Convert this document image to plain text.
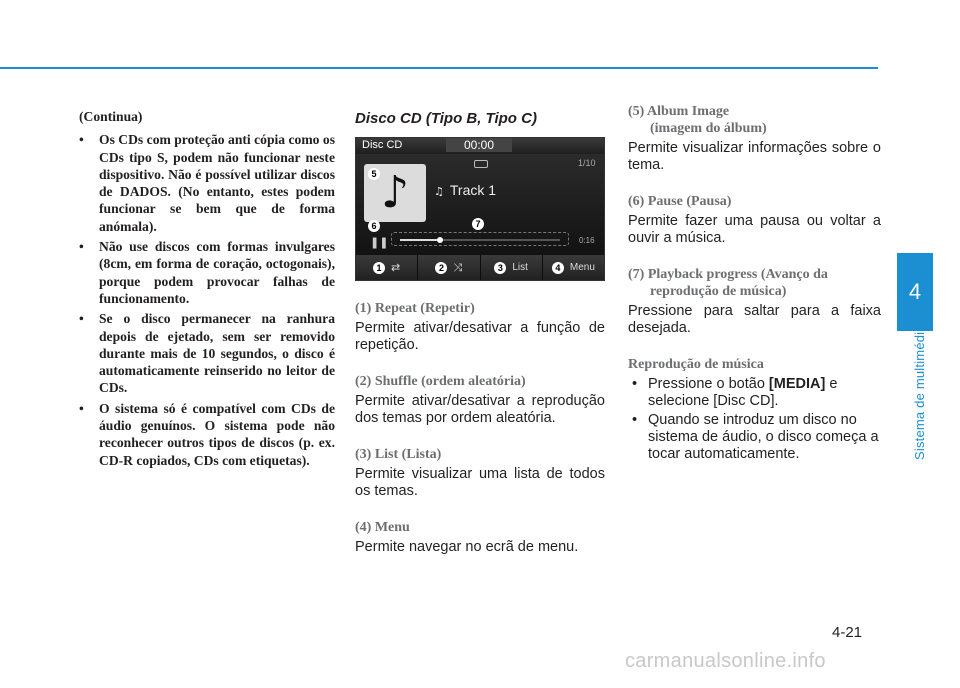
4
Sistema de multimédia
(Continua)
• Os CDs com proteção anti cópia como os CDs tipo S, podem não funcionar neste dispositivo. Não é possível utilizar discos de DADOS. (No entanto, estes podem funcionar se bem que de forma anómala).
• Não use discos com formas invulgares (8cm, em forma de coração, octogonais), porque podem provocar falhas de funcionamento.
• Se o disco permanecer na ranhura depois de ejetado, sem ser removido durante mais de 10 segundos, o disco é automaticamente reinserido no leitor de CDs.
• O sistema só é compatível com CDs de áudio genuínos. O sistema pode não reconhecer outros tipos de discos (p. ex. CD-R copiados, CDs com etiquetas).
Disco CD (Tipo B, Tipo C)
Disc CD	00:00
♪
5
1/10
♫ Track 1
6	7
❚❚	0:16
1 ⇄	2 ⤨	3 List	4 Menu
(1) Repeat (Repetir)
Permite ativar/desativar a função de repetição.
(2) Shuffle (ordem aleatória)
Permite ativar/desativar a reprodução dos temas por ordem aleatória.
(3) List (Lista)
Permite visualizar uma lista de todos os temas.
(4) Menu
Permite navegar no ecrã de menu.
(5) Album Image
(imagem do álbum)
Permite visualizar informações sobre o tema.
(6) Pause (Pausa)
Permite fazer uma pausa ou voltar a ouvir a música.
(7) Playback progress (Avanço da
reprodução de música)
Pressione para saltar para a faixa desejada.
Reprodução de música
• Pressione o botão [MEDIA] e selecione [Disc CD].
• Quando se introduz um disco no sistema de áudio, o disco começa a tocar automaticamente.
4-21
carmanualsonline.info
